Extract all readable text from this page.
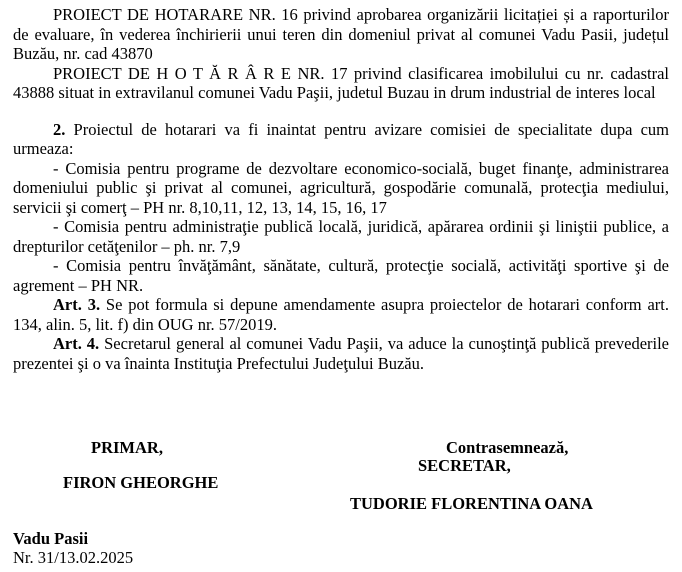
PROIECT DE HOTARARE NR. 16 privind aprobarea organizării licitației și a raporturilor de evaluare, în vederea închirierii unui teren din domeniul privat al comunei Vadu Pasii, județul Buzău, nr. cad 43870

PROIECT DE H O T Ă R Â R E NR. 17 privind clasificarea imobilului cu nr. cadastral 43888 situat in extravilanul comunei Vadu Paşii, judetul Buzau in drum industrial de interes local

2. Proiectul de hotarari va fi inaintat pentru avizare comisiei de specialitate dupa cum urmeaza:

- Comisia pentru programe de dezvoltare economico-socială, buget finanţe, administrarea domeniului public şi privat al comunei, agricultură, gospodărie comunală, protecţia mediului, servicii şi comerţ – PH nr. 8,10,11, 12, 13, 14, 15, 16, 17

- Comisia pentru administraţie publică locală, juridică, apărarea ordinii şi liniştii publice, a drepturilor cetăţenilor – ph. nr. 7,9

- Comisia pentru învăţământ, sănătate, cultură, protecţie socială, activităţi sportive şi de agrement – PH NR.

Art. 3. Se pot formula si depune amendamente asupra proiectelor de hotarari conform art. 134, alin. 5, lit. f) din OUG nr. 57/2019.

Art. 4. Secretarul general al comunei Vadu Paşii, va aduce la cunoştinţă publică prevederile prezentei şi o va înainta Instituţia Prefectului Judeţului Buzău.

PRIMAR,	Contrasemnează,
SECRETAR,
FIRON GHEORGHE
TUDORIE FLORENTINA OANA
Vadu Pasii
Nr. 31/13.02.2025
